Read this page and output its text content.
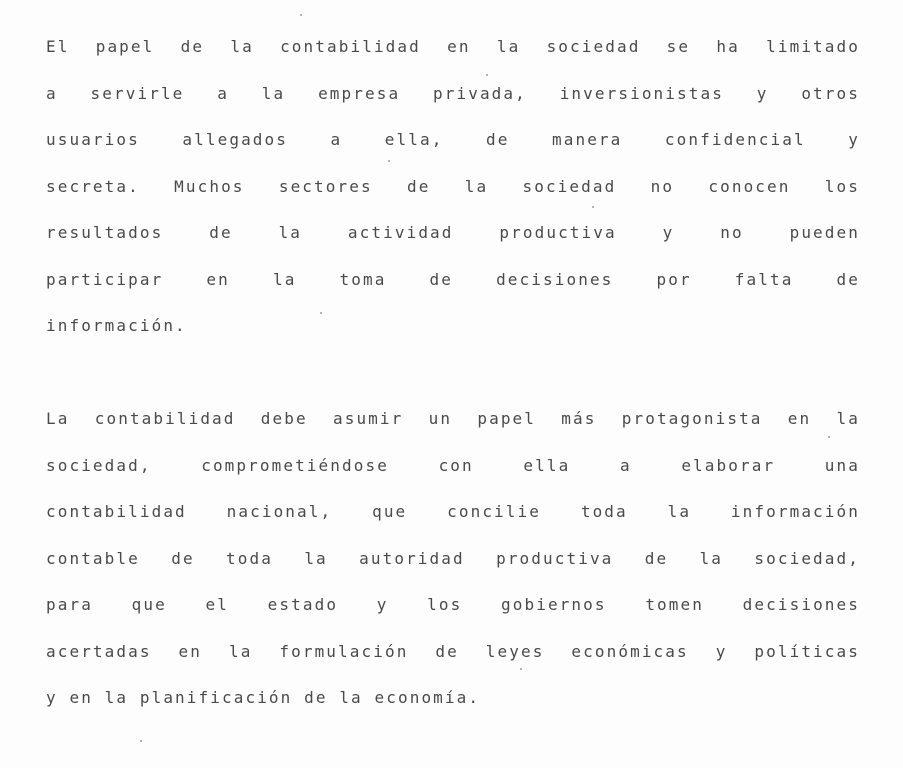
El papel de la contabilidad en la sociedad se ha limitado
a servirle a la empresa privada, inversionistas y otros
usuarios allegados a ella, de manera confidencial y
secreta. Muchos sectores de la sociedad no conocen los
resultados de la actividad productiva y no pueden
participar en la toma de decisiones por falta de
información.
La contabilidad debe asumir un papel más protagonista en la
sociedad, comprometiéndose con ella a elaborar una
contabilidad nacional, que concilie toda la información
contable de toda la autoridad productiva de la sociedad,
para que el estado y los gobiernos tomen decisiones
acertadas en la formulación de leyes económicas y políticas
y en la planificación de la economía.
